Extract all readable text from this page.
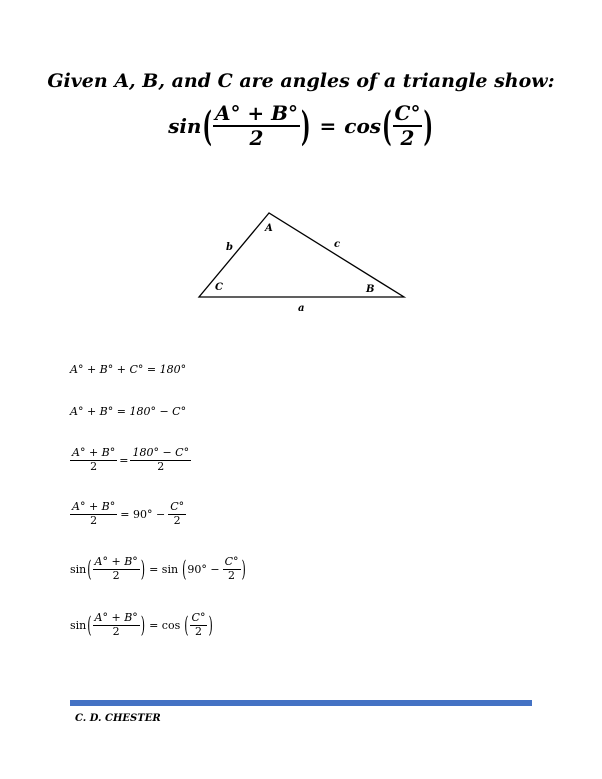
Given A, B, and C are angles of a triangle show:
sin ( $\frac{A^\circ + B^\circ}{2}$ ) = cos ( $\frac{C^\circ}{2}$ )
A
B
C
a
b	c
A° + B° + C° = 180°
A° + B° = 180° − C°
$\frac{A^\circ + B^\circ}{2} = \frac{180^\circ - C^\circ}{2}$
$\frac{A^\circ + B^\circ}{2} = 90^\circ - \frac{C^\circ}{2}$
sin ( $\frac{A^\circ + B^\circ}{2}$ ) = sin ( $90^\circ - \frac{C^\circ}{2}$ )
sin ( $\frac{A^\circ + B^\circ}{2}$ ) = cos ( $\frac{C^\circ}{2}$ )
C. D. CHESTER
